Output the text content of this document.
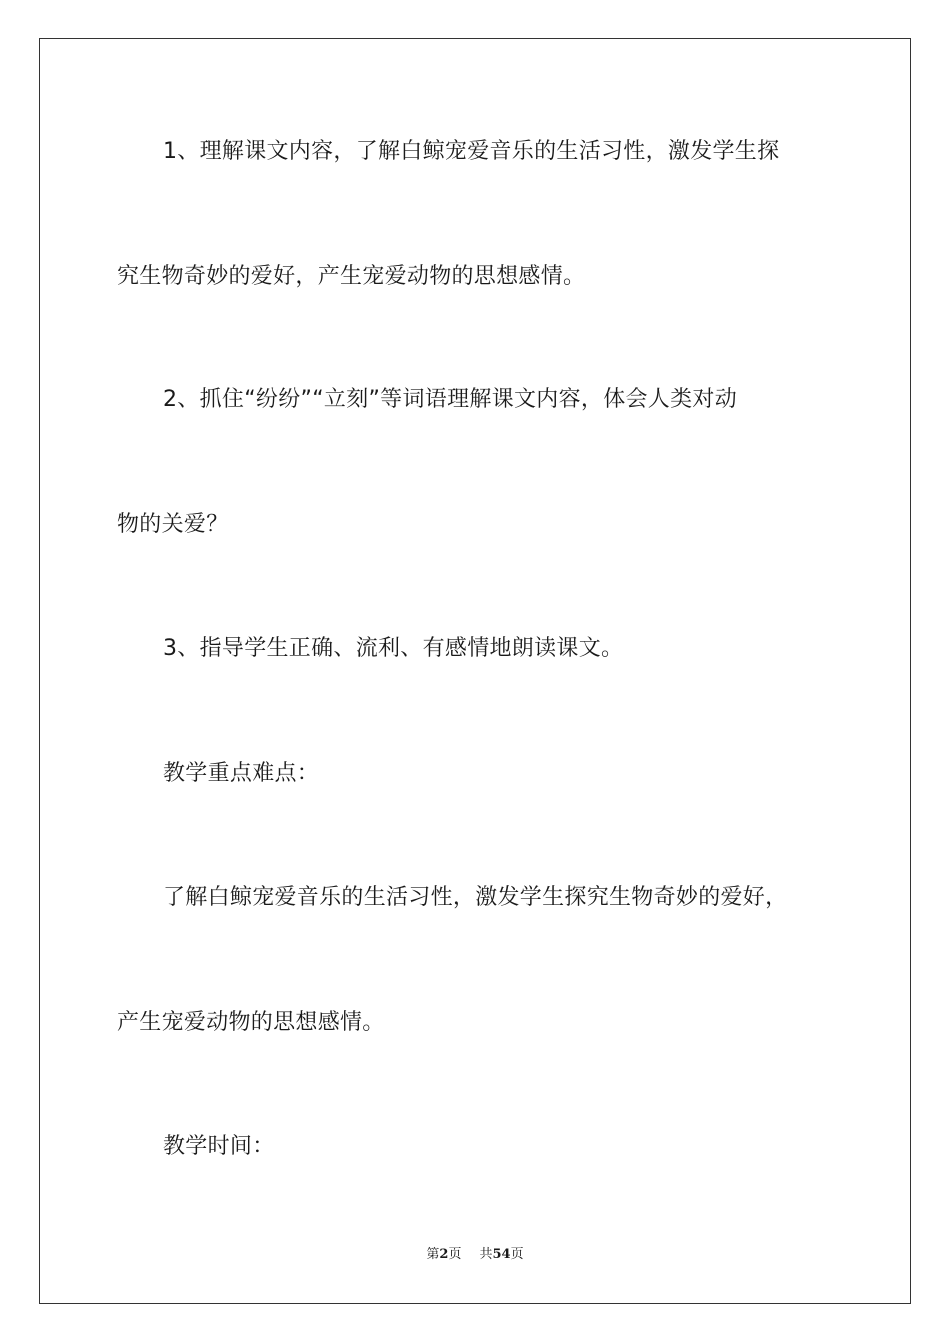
1、理解课文内容，了解白鲸宠爱音乐的生活习性，激发学生探
究生物奇妙的爱好，产生宠爱动物的思想感情。
2、抓住“纷纷”“立刻”等词语理解课文内容，体会人类对动
物的关爱？
3、指导学生正确、流利、有感情地朗读课文。
教学重点难点：
了解白鲸宠爱音乐的生活习性，激发学生探究生物奇妙的爱好，
产生宠爱动物的思想感情。
教学时间：
第2页 共54页
